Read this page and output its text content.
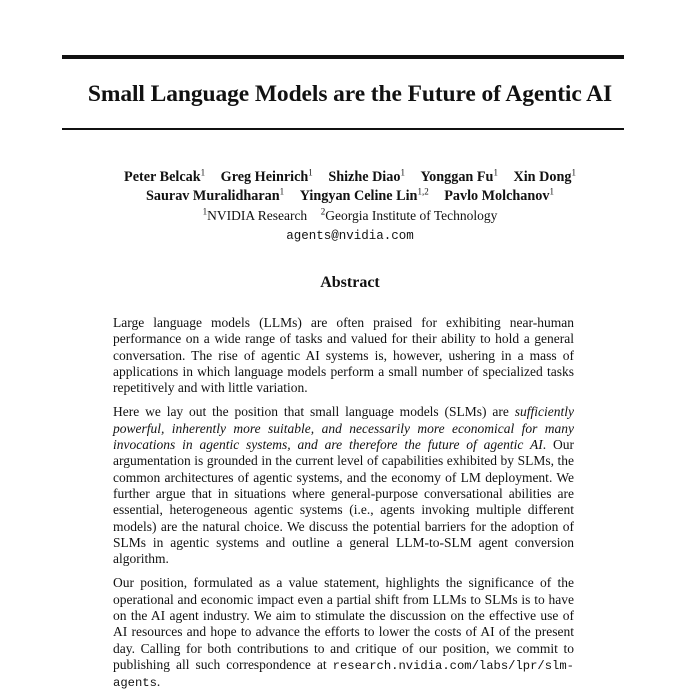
Small Language Models are the Future of Agentic AI
Peter Belcak$^1$ Greg Heinrich$^1$ Shizhe Diao$^1$ Yonggan Fu$^1$ Xin Dong$^1$
Saurav Muralidharan$^1$ Yingyan Celine Lin$^{1,2}$ Pavlo Molchanov$^1$
$^1$NVIDIA Research $^2$Georgia Institute of Technology
agents@nvidia.com
Abstract

Large language models (LLMs) are often praised for exhibiting near-human performance on a wide range of tasks and valued for their ability to hold a general conversation. The rise of agentic AI systems is, however, ushering in a mass of applications in which language models perform a small number of specialized tasks repetitively and with little variation.

Here we lay out the position that small language models (SLMs) are sufficiently powerful, inherently more suitable, and necessarily more economical for many invocations in agentic systems, and are therefore the future of agentic AI. Our argumentation is grounded in the current level of capabilities exhibited by SLMs, the common architectures of agentic systems, and the economy of LM deployment. We further argue that in situations where general-purpose conversational abilities are essential, heterogeneous agentic systems (i.e., agents invoking multiple different models) are the natural choice. We discuss the potential barriers for the adoption of SLMs in agentic systems and outline a general LLM-to-SLM agent conversion algorithm.

Our position, formulated as a value statement, highlights the significance of the operational and economic impact even a partial shift from LLMs to SLMs is to have on the AI agent industry. We aim to stimulate the discussion on the effective use of AI resources and hope to advance the efforts to lower the costs of AI of the present day. Calling for both contributions to and critique of our position, we commit to publishing all such correspondence at research.nvidia.com/labs/lpr/slm-agents.
